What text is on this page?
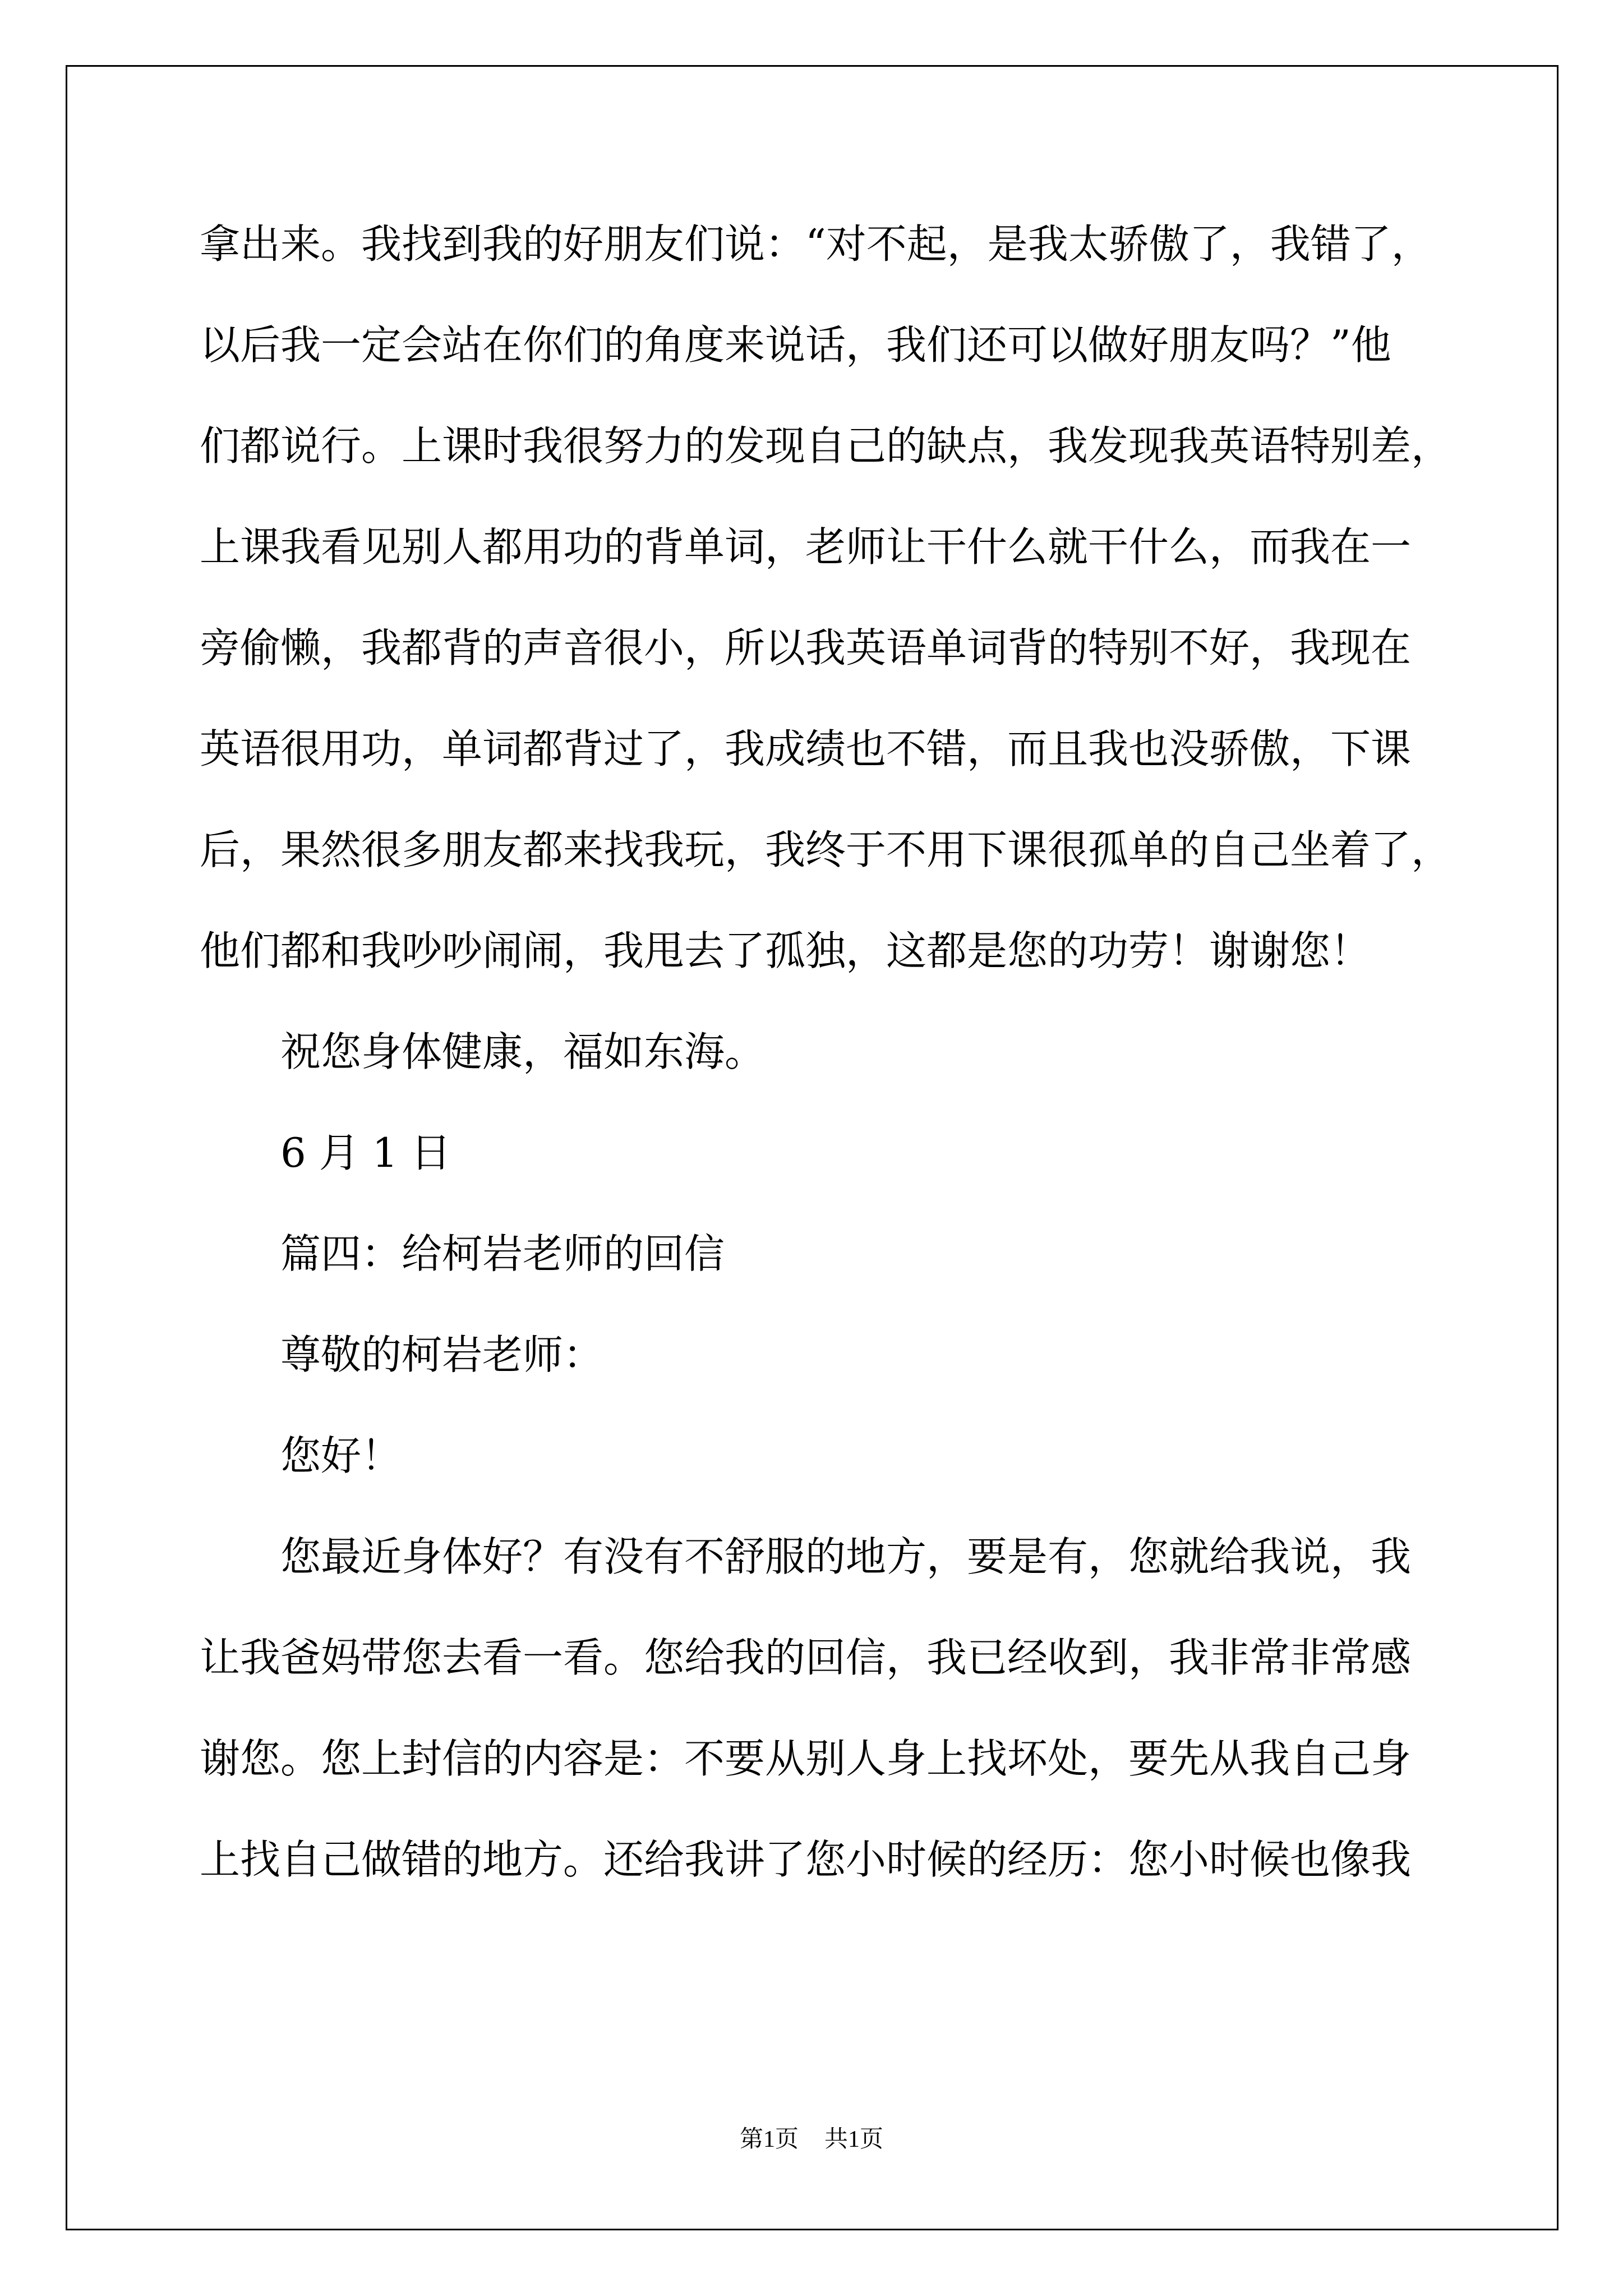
拿出来。我找到我的好朋友们说：“对不起，是我太骄傲了，我错了，
以后我一定会站在你们的角度来说话，我们还可以做好朋友吗？”他
们都说行。上课时我很努力的发现自己的缺点，我发现我英语特别差，
上课我看见别人都用功的背单词，老师让干什么就干什么，而我在一
旁偷懒，我都背的声音很小，所以我英语单词背的特别不好，我现在
英语很用功，单词都背过了，我成绩也不错，而且我也没骄傲，下课
后，果然很多朋友都来找我玩，我终于不用下课很孤单的自己坐着了，
他们都和我吵吵闹闹，我甩去了孤独，这都是您的功劳！谢谢您！
祝您身体健康，福如东海。
6 月 1 日
篇四：给柯岩老师的回信
尊敬的柯岩老师：
您好！
您最近身体好？有没有不舒服的地方，要是有，您就给我说，我
让我爸妈带您去看一看。您给我的回信，我已经收到，我非常非常感
谢您。您上封信的内容是：不要从别人身上找坏处，要先从我自己身
上找自己做错的地方。还给我讲了您小时候的经历：您小时候也像我
第1页 共1页
